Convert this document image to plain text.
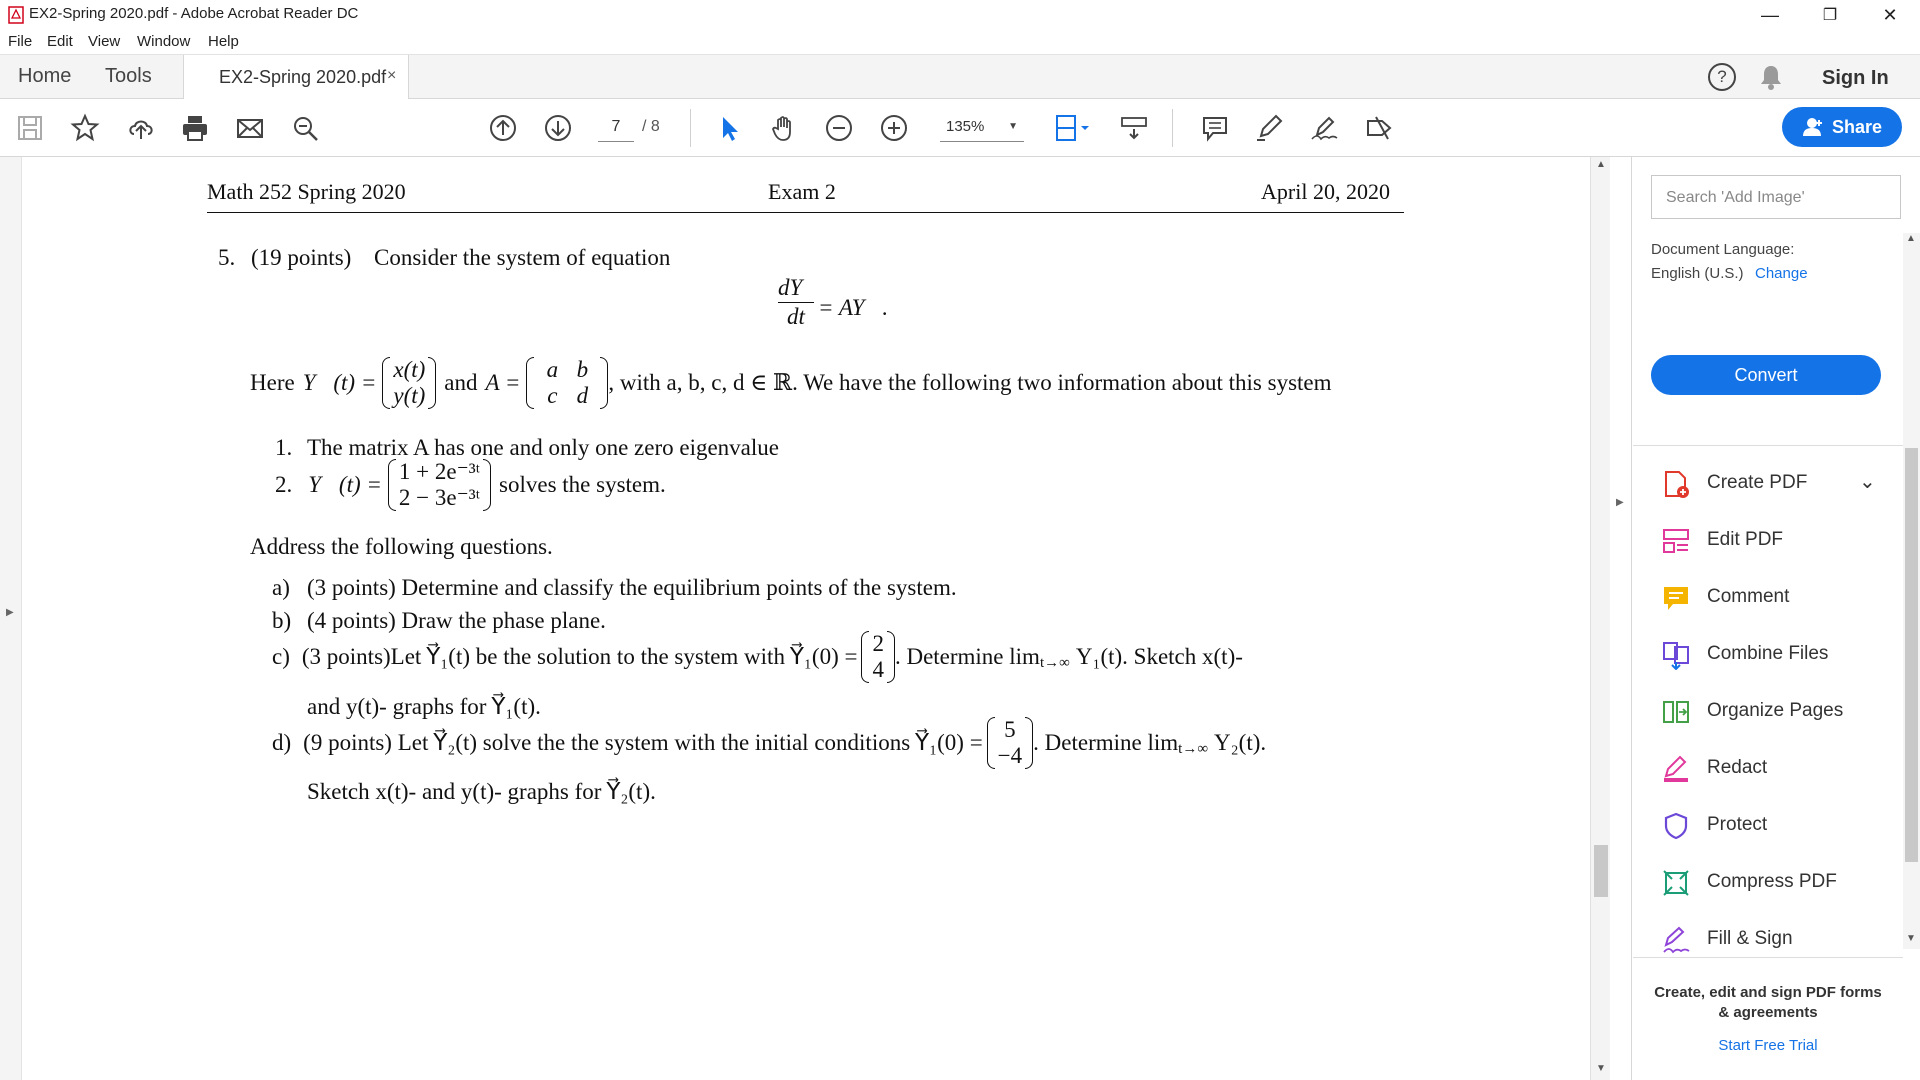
EX2-Spring 2020.pdf - Adobe Acrobat Reader DC	—	❐	✕
File Edit View Window Help
Home Tools	EX2-Spring 2020.pdf ×	?	Sign In
7	/ 8	135% ▼	Share
▶
Math 252 Spring 2020	Exam 2	April 20, 2020
5. (19 points) Consider the system of equation
dY⃗
dt = AY⃗.
Here Y⃗(t) =
x(t)
y(t)
and A =
a b
c d
, with a, b, c, d ∈ ℝ. We have the following two information about this system
1. The matrix A has one and only one zero eigenvalue
2. Y⃗(t) =
1 + 2e⁻³ᵗ
2 − 3e⁻³ᵗ
solves the system.
Address the following questions.
a) (3 points) Determine and classify the equilibrium points of the system.
b) (4 points) Draw the phase plane.
c) (3 points)Let Y⃗₁(t) be the solution to the system with Y⃗₁(0) =
2
4
. Determine lim t→∞ Y₁(t). Sketch x(t)-
and y(t)- graphs for Y⃗₁(t).
d) (9 points) Let Y⃗₂(t) solve the the system with the initial conditions Y⃗₁(0) =
5
−4
. Determine lim t→∞ Y₂(t).
Sketch x(t)- and y(t)- graphs for Y⃗₂(t).
▲
▼
▶
Search 'Add Image'
Document Language:
English (U.S.) Change
Convert
Create PDF	⌄
Edit PDF
Comment
Combine Files
Organize Pages
Redact
Protect
Compress PDF
Fill & Sign
▲
▼
Create, edit and sign PDF forms & agreements
Start Free Trial
